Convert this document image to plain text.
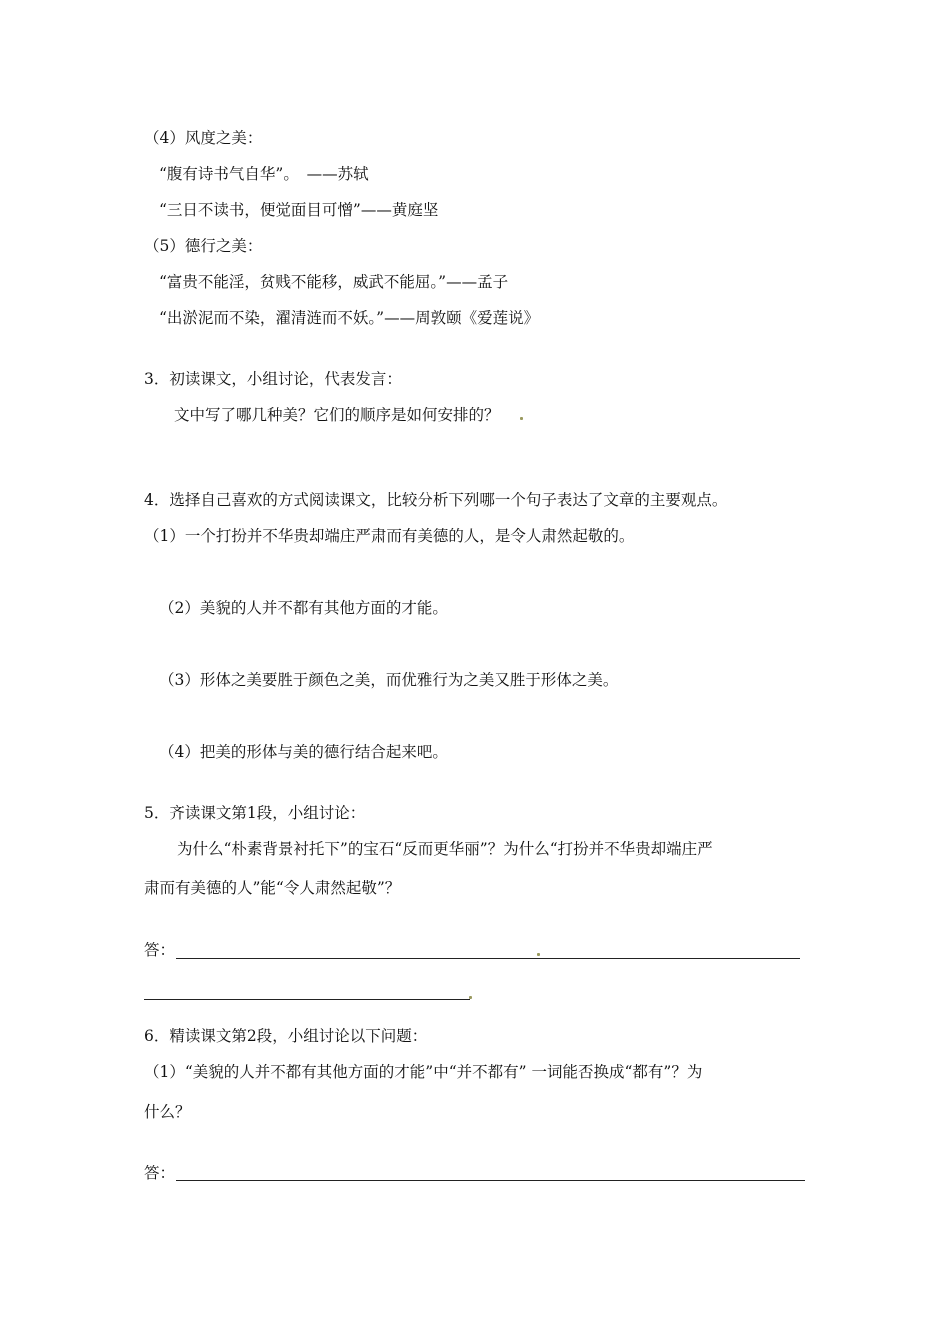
（4）风度之美：
“腹有诗书气自华”。　——苏轼
“三日不读书，便觉面目可憎”——黄庭坚
（5）德行之美：
“富贵不能淫，贫贱不能移，威武不能屈。”——孟子
“出淤泥而不染，濯清涟而不妖。”——周敦颐《爱莲说》
3．初读课文，小组讨论，代表发言：
文中写了哪几种美？它们的顺序是如何安排的？
4．选择自己喜欢的方式阅读课文，比较分析下列哪一个句子表达了文章的主要观点。
（1）一个打扮并不华贵却端庄严肃而有美德的人，是令人肃然起敬的。
（2）美貌的人并不都有其他方面的才能。
（3）形体之美要胜于颜色之美，而优雅行为之美又胜于形体之美。
（4）把美的形体与美的德行结合起来吧。
5．齐读课文第1段，小组讨论：
为什么“朴素背景衬托下”的宝石“反而更华丽”？为什么“打扮并不华贵却端庄严
肃而有美德的人”能“令人肃然起敬”？
答：
6．精读课文第2段，小组讨论以下问题：
（1）“美貌的人并不都有其他方面的才能”中“并不都有” 一词能否换成“都有”？为
什么？
答：
